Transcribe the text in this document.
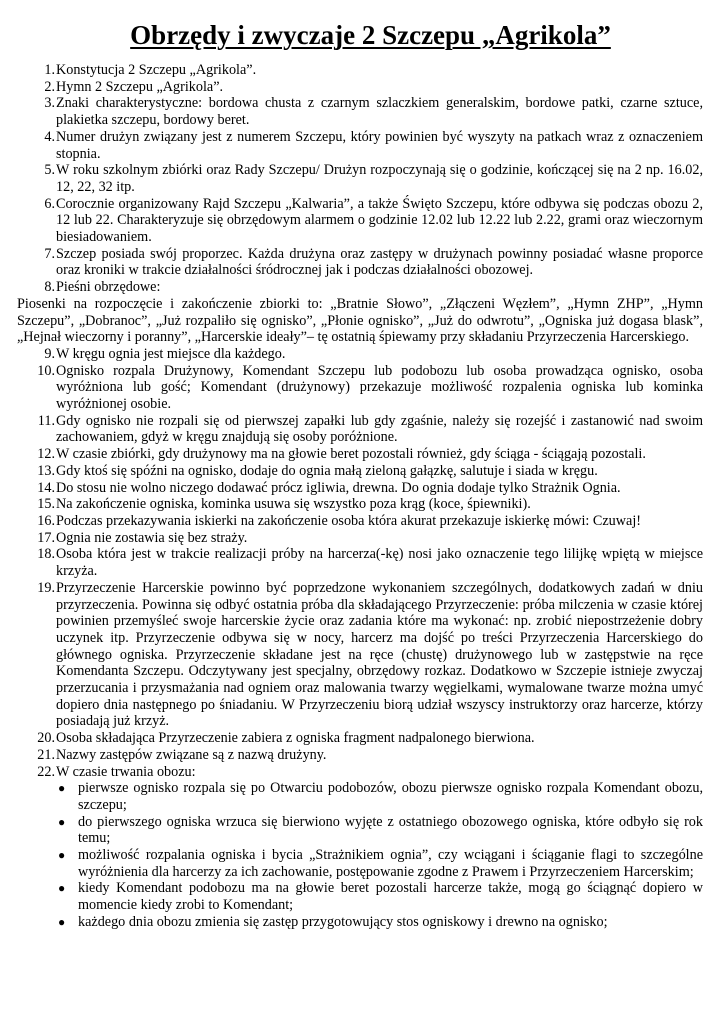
Obrzędy i zwyczaje 2 Szczepu „Agrikola”
1. Konstytucja 2 Szczepu „Agrikola”.
2. Hymn 2 Szczepu „Agrikola”.
3. Znaki charakterystyczne: bordowa chusta z czarnym szlaczkiem generalskim, bordowe patki, czarne sztuce, plakietka szczepu, bordowy beret.
4. Numer drużyn związany jest z numerem Szczepu, który powinien być wyszyty na patkach wraz z oznaczeniem stopnia.
5. W roku szkolnym zbiórki oraz Rady Szczepu/ Drużyn rozpoczynają się o godzinie, kończącej się na 2 np. 16.02, 12, 22, 32 itp.
6. Corocznie organizowany Rajd Szczepu „Kalwaria”, a także Święto Szczepu, które odbywa się podczas obozu 2, 12 lub 22. Charakteryzuje się obrzędowym alarmem o godzinie 12.02 lub 12.22 lub 2.22, grami oraz wieczornym biesiadowaniem.
7. Szczep posiada swój proporzec. Każda drużyna oraz zastępy w drużynach powinny posiadać własne proporce oraz kroniki w trakcie działalności śródrocznej jak i podczas działalności obozowej.
8. Pieśni obrzędowe:
Piosenki na rozpoczęcie i zakończenie zbiorki to: „Bratnie Słowo”, „Złączeni Węzłem”, „Hymn ZHP”, „Hymn Szczepu”, „Dobranoc”, „Już rozpaliło się ognisko”, „Płonie ognisko”, „Już do odwrotu”, „Ogniska już dogasa blask”, „Hejnał wieczorny i poranny”, „Harcerskie ideały”– tę ostatnią śpiewamy przy składaniu Przyrzeczenia Harcerskiego.
9. W kręgu ognia jest miejsce dla każdego.
10. Ognisko rozpala Drużynowy, Komendant Szczepu lub podobozu lub osoba prowadząca ognisko, osoba wyróżniona lub gość; Komendant (drużynowy) przekazuje możliwość rozpalenia ogniska lub kominka wyróżnionej osobie.
11. Gdy ognisko nie rozpali się od pierwszej zapałki lub gdy zgaśnie, należy się rozejść i zastanowić nad swoim zachowaniem, gdyż w kręgu znajdują się osoby poróżnione.
12. W czasie zbiórki, gdy drużynowy ma na głowie beret pozostali również, gdy ściąga - ściągają pozostali.
13. Gdy ktoś się spóźni na ognisko, dodaje do ognia małą zieloną gałązkę, salutuje i siada w kręgu.
14. Do stosu nie wolno niczego dodawać prócz igliwia, drewna. Do ognia dodaje tylko Strażnik Ognia.
15. Na zakończenie ogniska, kominka usuwa się wszystko poza krąg (koce, śpiewniki).
16. Podczas przekazywania iskierki na zakończenie osoba która akurat przekazuje iskierkę mówi: Czuwaj!
17. Ognia nie zostawia się bez straży.
18. Osoba która jest w trakcie realizacji próby na harcerza(-kę) nosi jako oznaczenie tego lilijkę wpiętą w miejsce krzyża.
19. Przyrzeczenie Harcerskie powinno być poprzedzone wykonaniem szczególnych, dodatkowych zadań w dniu przyrzeczenia. Powinna się odbyć ostatnia próba dla składającego Przyrzeczenie: próba milczenia w czasie której powinien przemyśleć swoje harcerskie życie oraz zadania które ma wykonać: np. zrobić niepostrzeżenie dobry uczynek itp. Przyrzeczenie odbywa się w nocy, harcerz ma dojść po treści Przyrzeczenia Harcerskiego do głównego ogniska. Przyrzeczenie składane jest na ręce (chustę) drużynowego lub w zastępstwie na ręce Komendanta Szczepu. Odczytywany jest specjalny, obrzędowy rozkaz. Dodatkowo w Szczepie istnieje zwyczaj przerzucania i przysmażania nad ogniem oraz malowania twarzy węgielkami, wymalowane twarze można umyć dopiero dnia następnego po śniadaniu. W Przyrzeczeniu biorą udział wszyscy instruktorzy oraz harcerze, którzy posiadają już krzyż.
20. Osoba składająca Przyrzeczenie zabiera z ogniska fragment nadpalonego bierwiona.
21. Nazwy zastępów związane są z nazwą drużyny.
22. W czasie trwania obozu:
● pierwsze ognisko rozpala się po Otwarciu podobozów, obozu pierwsze ognisko rozpala Komendant obozu, szczepu;
● do pierwszego ogniska wrzuca się bierwiono wyjęte z ostatniego obozowego ogniska, które odbyło się rok temu;
● możliwość rozpalania ogniska i bycia „Strażnikiem ognia”, czy wciągani i ściąganie flagi to szczególne wyróżnienia dla harcerzy za ich zachowanie, postępowanie zgodne z Prawem i Przyrzeczeniem Harcerskim;
● kiedy Komendant podobozu ma na głowie beret pozostali harcerze także, mogą go ściągnąć dopiero w momencie kiedy zrobi to Komendant;
● każdego dnia obozu zmienia się zastęp przygotowujący stos ogniskowy i drewno na ognisko;
